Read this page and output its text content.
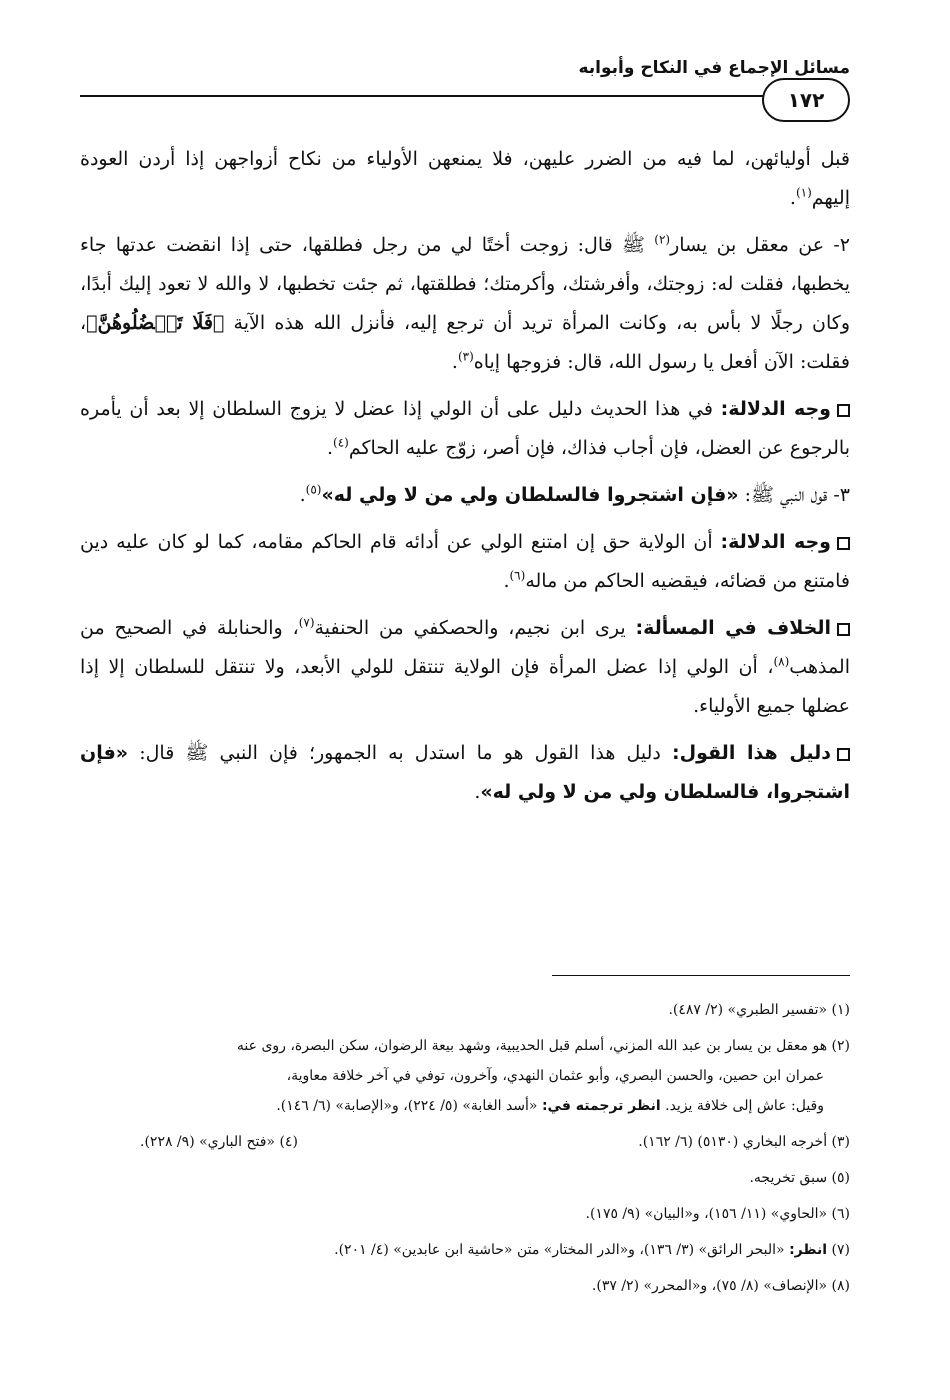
مسائل الإجماع في النكاح وأبوابه
١٧٢

قبل أوليائهن، لما فيه من الضرر عليهن، فلا يمنعهن الأولياء من نكاح أزواجهن إذا أردن العودة إليهم$^{(١)}$.

٢- عن معقل بن يسار$^{(٢)}$ ﷺ قال: زوجت أختًا لي من رجل فطلقها، حتى إذا انقضت عدتها جاء يخطبها، فقلت له: زوجتك، وأفرشتك، وأكرمتك؛ فطلقتها، ثم جئت تخطبها، لا والله لا تعود إليك أبدًا، وكان رجلًا لا بأس به، وكانت المرأة تريد أن ترجع إليه، فأنزل الله هذه الآية ﴿فَلَا تَعۡضُلُوهُنَّ﴾، فقلت: الآن أفعل يا رسول الله، قال: فزوجها إياه$^{(٣)}$.

وجه الدلالة: في هذا الحديث دليل على أن الولي إذا عضل لا يزوج السلطان إلا بعد أن يأمره بالرجوع عن العضل، فإن أجاب فذاك، فإن أصر، زوّج عليه الحاكم$^{(٤)}$.

٣- قول النبي ﷺ: «فإن اشتجروا فالسلطان ولي من لا ولي له»$^{(٥)}$.

وجه الدلالة: أن الولاية حق إن امتنع الولي عن أدائه قام الحاكم مقامه، كما لو كان عليه دين فامتنع من قضائه، فيقضيه الحاكم من ماله$^{(٦)}$.

الخلاف في المسألة: يرى ابن نجيم، والحصكفي من الحنفية$^{(٧)}$، والحنابلة في الصحيح من المذهب$^{(٨)}$، أن الولي إذا عضل المرأة فإن الولاية تنتقل للولي الأبعد، ولا تنتقل للسلطان إلا إذا عضلها جميع الأولياء.

دليل هذا القول: دليل هذا القول هو ما استدل به الجمهور؛ فإن النبي ﷺ قال: «فإن اشتجروا، فالسلطان ولي من لا ولي له».

(١) «تفسير الطبري» (٢/ ٤٨٧).

(٢) هو معقل بن يسار بن عبد الله المزني، أسلم قبل الحديبية، وشهد بيعة الرضوان، سكن البصرة، روى عنه

عمران ابن حصين، والحسن البصري، وأبو عثمان النهدي، وآخرون، توفي في آخر خلافة معاوية،

وقيل: عاش إلى خلافة يزيد. انظر ترجمته في: «أسد الغابة» (٥/ ٢٢٤)، و«الإصابة» (٦/ ١٤٦).

(٣) أخرجه البخاري (٥١٣٠) (٦/ ١٦٢).
(٤) «فتح الباري» (٩/ ٢٢٨).

(٥) سبق تخريجه.

(٦) «الحاوي» (١١/ ١٥٦)، و«البيان» (٩/ ١٧٥).

(٧) انظر: «البحر الرائق» (٣/ ١٣٦)، و«الدر المختار» متن «حاشية ابن عابدين» (٤/ ٢٠١).

(٨) «الإنصاف» (٨/ ٧٥)، و«المحرر» (٢/ ٣٧).
